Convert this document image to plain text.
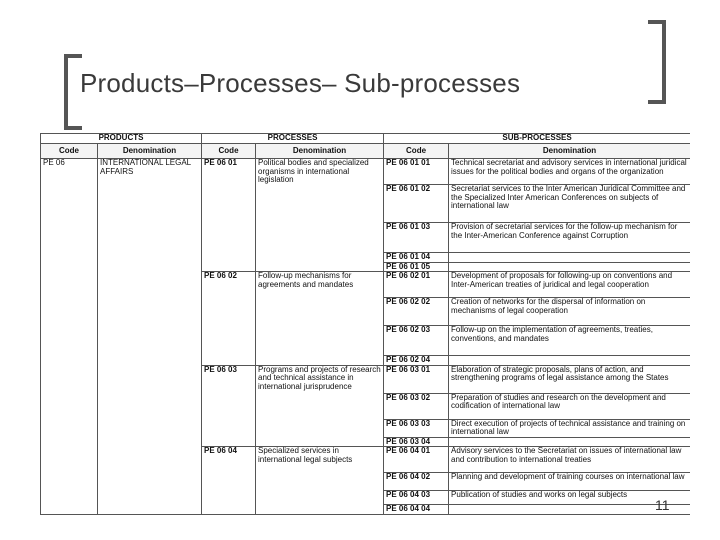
Products–Processes– Sub-processes
PRODUCTS		PROCESSES		SUB-PROCESSES	
Code	Denomination	Code	Denomination	Code	Denomination
PE 06	INTERNATIONAL LEGAL AFFAIRS	PE 06 01	Political bodies and specialized organisms in international legislation	PE 06 01 01	Technical secretariat and advisory services in international juridical issues for the political bodies and organs of the organization
				PE 06 01 02	Secretariat services to the Inter American Juridical Committee and the Specialized Inter American Conferences on subjects of international law
				PE 06 01 03	Provision of secretarial services for the follow-up mechanism for the Inter-American Conference against Corruption
				PE 06 01 04	
				PE 06 01 05	
		PE 06 02	Follow-up mechanisms for agreements and mandates	PE 06 02 01	Development of proposals for following-up on conventions and Inter-American treaties of juridical and legal cooperation
				PE 06 02 02	Creation of networks for the dispersal of information on mechanisms of legal cooperation
				PE 06 02 03	Follow-up on the implementation of agreements, treaties, conventions, and mandates
				PE 06 02 04	
		PE 06 03	Programs and projects of research and technical assistance in international jurisprudence	PE 06 03 01	Elaboration of strategic proposals, plans of action, and strengthening programs of legal assistance among the States
				PE 06 03 02	Preparation of studies and research on the development and codification of international law
				PE 06 03 03	Direct execution of projects of technical assistance and training on international law
				PE 06 03 04	
		PE 06 04	Specialized services in international legal subjects	PE 06 04 01	Advisory services to the Secretariat on issues of international law and contribution to international treaties
				PE 06 04 02	Planning and development of training courses on international law
				PE 06 04 03	Publication of studies and works on legal subjects
				PE 06 04 04		11
